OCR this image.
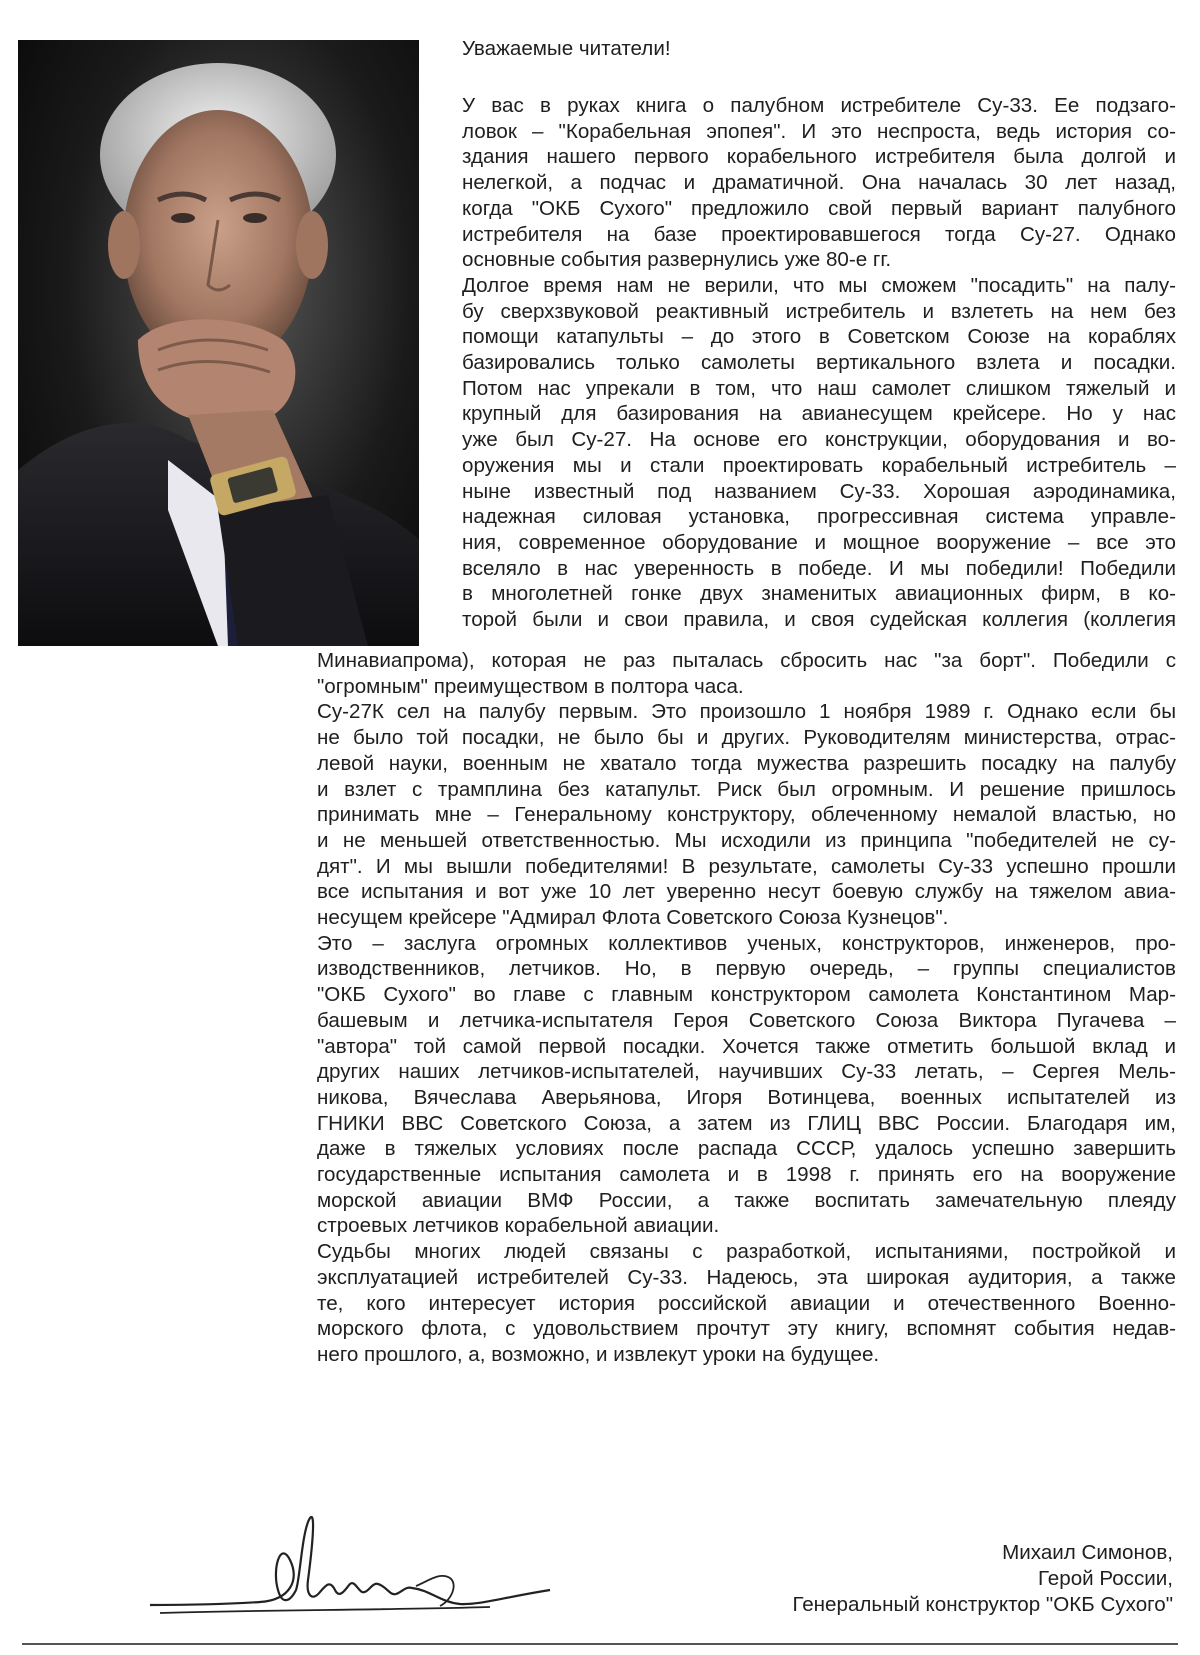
Уважаемые читатели!
У вас в руках книга о палубном истребителе Су-33. Ее подзаго-
ловок – "Корабельная эпопея". И это неспроста, ведь история со-
здания нашего первого корабельного истребителя была долгой и
нелегкой, а подчас и драматичной. Она началась 30 лет назад,
когда "ОКБ Сухого" предложило свой первый вариант палубного
истребителя на базе проектировавшегося тогда Су-27. Однако
основные события развернулись уже 80-е гг.
Долгое время нам не верили, что мы сможем "посадить" на палу-
бу сверхзвуковой реактивный истребитель и взлететь на нем без
помощи катапульты – до этого в Советском Союзе на кораблях
базировались только самолеты вертикального взлета и посадки.
Потом нас упрекали в том, что наш самолет слишком тяжелый и
крупный для базирования на авианесущем крейсере. Но у нас
уже был Су-27. На основе его конструкции, оборудования и во-
оружения мы и стали проектировать корабельный истребитель –
ныне известный под названием Су-33. Хорошая аэродинамика,
надежная силовая установка, прогрессивная система управле-
ния, современное оборудование и мощное вооружение – все это
вселяло в нас уверенность в победе. И мы победили! Победили
в многолетней гонке двух знаменитых авиационных фирм, в ко-
торой были и свои правила, и своя судейская коллегия (коллегия
Минавиапрома), которая не раз пыталась сбросить нас "за борт". Победили с
"огромным" преимуществом в полтора часа.
Су-27К сел на палубу первым. Это произошло 1 ноября 1989 г. Однако если бы
не было той посадки, не было бы и других. Руководителям министерства, отрас-
левой науки, военным не хватало тогда мужества разрешить посадку на палубу
и взлет с трамплина без катапульт. Риск был огромным. И решение пришлось
принимать мне – Генеральному конструктору, облеченному немалой властью, но
и не меньшей ответственностью. Мы исходили из принципа "победителей не су-
дят". И мы вышли победителями! В результате, самолеты Су-33 успешно прошли
все испытания и вот уже 10 лет уверенно несут боевую службу на тяжелом авиа-
несущем крейсере "Адмирал Флота Советского Союза Кузнецов".
Это – заслуга огромных коллективов ученых, конструкторов, инженеров, про-
изводственников, летчиков. Но, в первую очередь, – группы специалистов
"ОКБ Сухого" во главе с главным конструктором самолета Константином Мар-
башевым и летчика-испытателя Героя Советского Союза Виктора Пугачева –
"автора" той самой первой посадки. Хочется также отметить большой вклад и
других наших летчиков-испытателей, научивших Су-33 летать, – Сергея Мель-
никова, Вячеслава Аверьянова, Игоря Вотинцева, военных испытателей из
ГНИКИ ВВС Советского Союза, а затем из ГЛИЦ ВВС России. Благодаря им,
даже в тяжелых условиях после распада СССР, удалось успешно завершить
государственные испытания самолета и в 1998 г. принять его на вооружение
морской авиации ВМФ России, а также воспитать замечательную плеяду
строевых летчиков корабельной авиации.
Судьбы многих людей связаны с разработкой, испытаниями, постройкой и
эксплуатацией истребителей Су-33. Надеюсь, эта широкая аудитория, а также
те, кого интересует история российской авиации и отечественного Военно-
морского флота, с удовольствием прочтут эту книгу, вспомнят события недав-
него прошлого, а, возможно, и извлекут уроки на будущее.
Михаил Симонов,
Герой России,
Генеральный конструктор "ОКБ Сухого"
